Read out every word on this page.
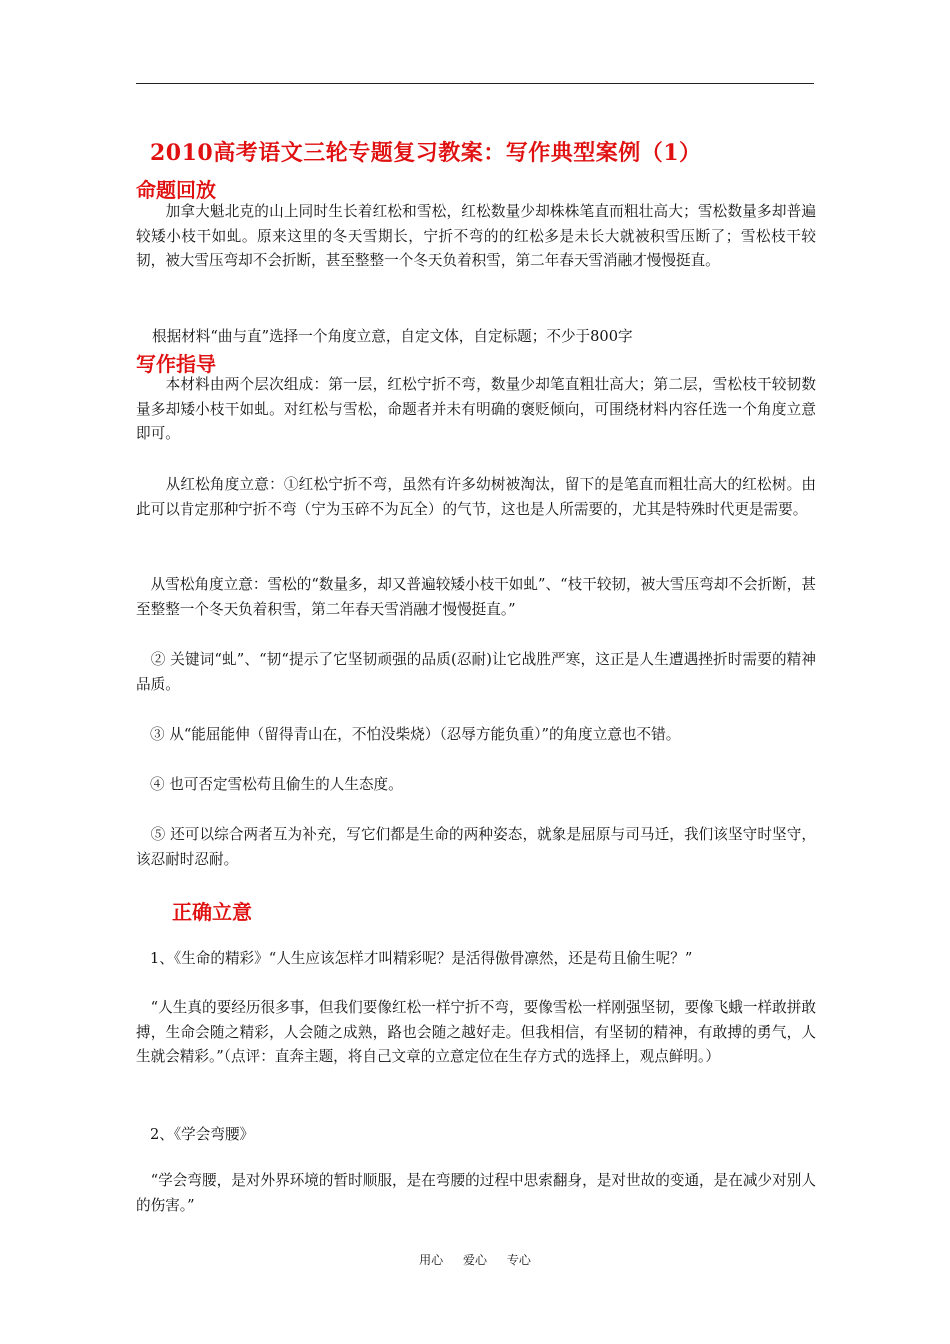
2010高考语文三轮专题复习教案：写作典型案例（1）
命题回放
　　加拿大魁北克的山上同时生长着红松和雪松，红松数量少却株株笔直而粗壮高大；雪松数量多却普遍较矮小枝干如虬。原来这里的冬天雪期长，宁折不弯的的红松多是未长大就被积雪压断了；雪松枝干较韧，被大雪压弯却不会折断，甚至整整一个冬天负着积雪，第二年春天雪消融才慢慢挺直。
根据材料“曲与直”选择一个角度立意，自定文体，自定标题；不少于800字
写作指导
　　本材料由两个层次组成：第一层，红松宁折不弯，数量少却笔直粗壮高大；第二层，雪松枝干较韧数量多却矮小枝干如虬。对红松与雪松，命题者并未有明确的褒贬倾向，可围绕材料内容任选一个角度立意即可。
　　从红松角度立意：①红松宁折不弯，虽然有许多幼树被淘汰，留下的是笔直而粗壮高大的红松树。由此可以肯定那种宁折不弯（宁为玉碎不为瓦全）的气节，这也是人所需要的，尤其是特殊时代更是需要。
　从雪松角度立意：雪松的“数量多，却又普遍较矮小枝干如虬”、“枝干较韧，被大雪压弯却不会折断，甚至整整一个冬天负着积雪，第二年春天雪消融才慢慢挺直。”
　② 关键词“虬”、“韧“提示了它坚韧顽强的品质(忍耐)让它战胜严寒，这正是人生遭遇挫折时需要的精神品质。
③ 从“能屈能伸（留得青山在，不怕没柴烧）（忍辱方能负重）”的角度立意也不错。
④ 也可否定雪松苟且偷生的人生态度。
　⑤ 还可以综合两者互为补充，写它们都是生命的两种姿态，就象是屈原与司马迁，我们该坚守时坚守，该忍耐时忍耐。
正确立意
1、《生命的精彩》“人生应该怎样才叫精彩呢？是活得傲骨凛然，还是苟且偷生呢？”
　“人生真的要经历很多事，但我们要像红松一样宁折不弯，要像雪松一样刚强坚韧，要像飞蛾一样敢拼敢搏，生命会随之精彩，人会随之成熟，路也会随之越好走。但我相信，有坚韧的精神，有敢搏的勇气，人生就会精彩。”（点评：直奔主题，将自己文章的立意定位在生存方式的选择上，观点鲜明。）
2、《学会弯腰》
　“学会弯腰，是对外界环境的暂时顺服，是在弯腰的过程中思索翻身，是对世故的变通，是在减少对别人的伤害。”
用心 爱心 专心
